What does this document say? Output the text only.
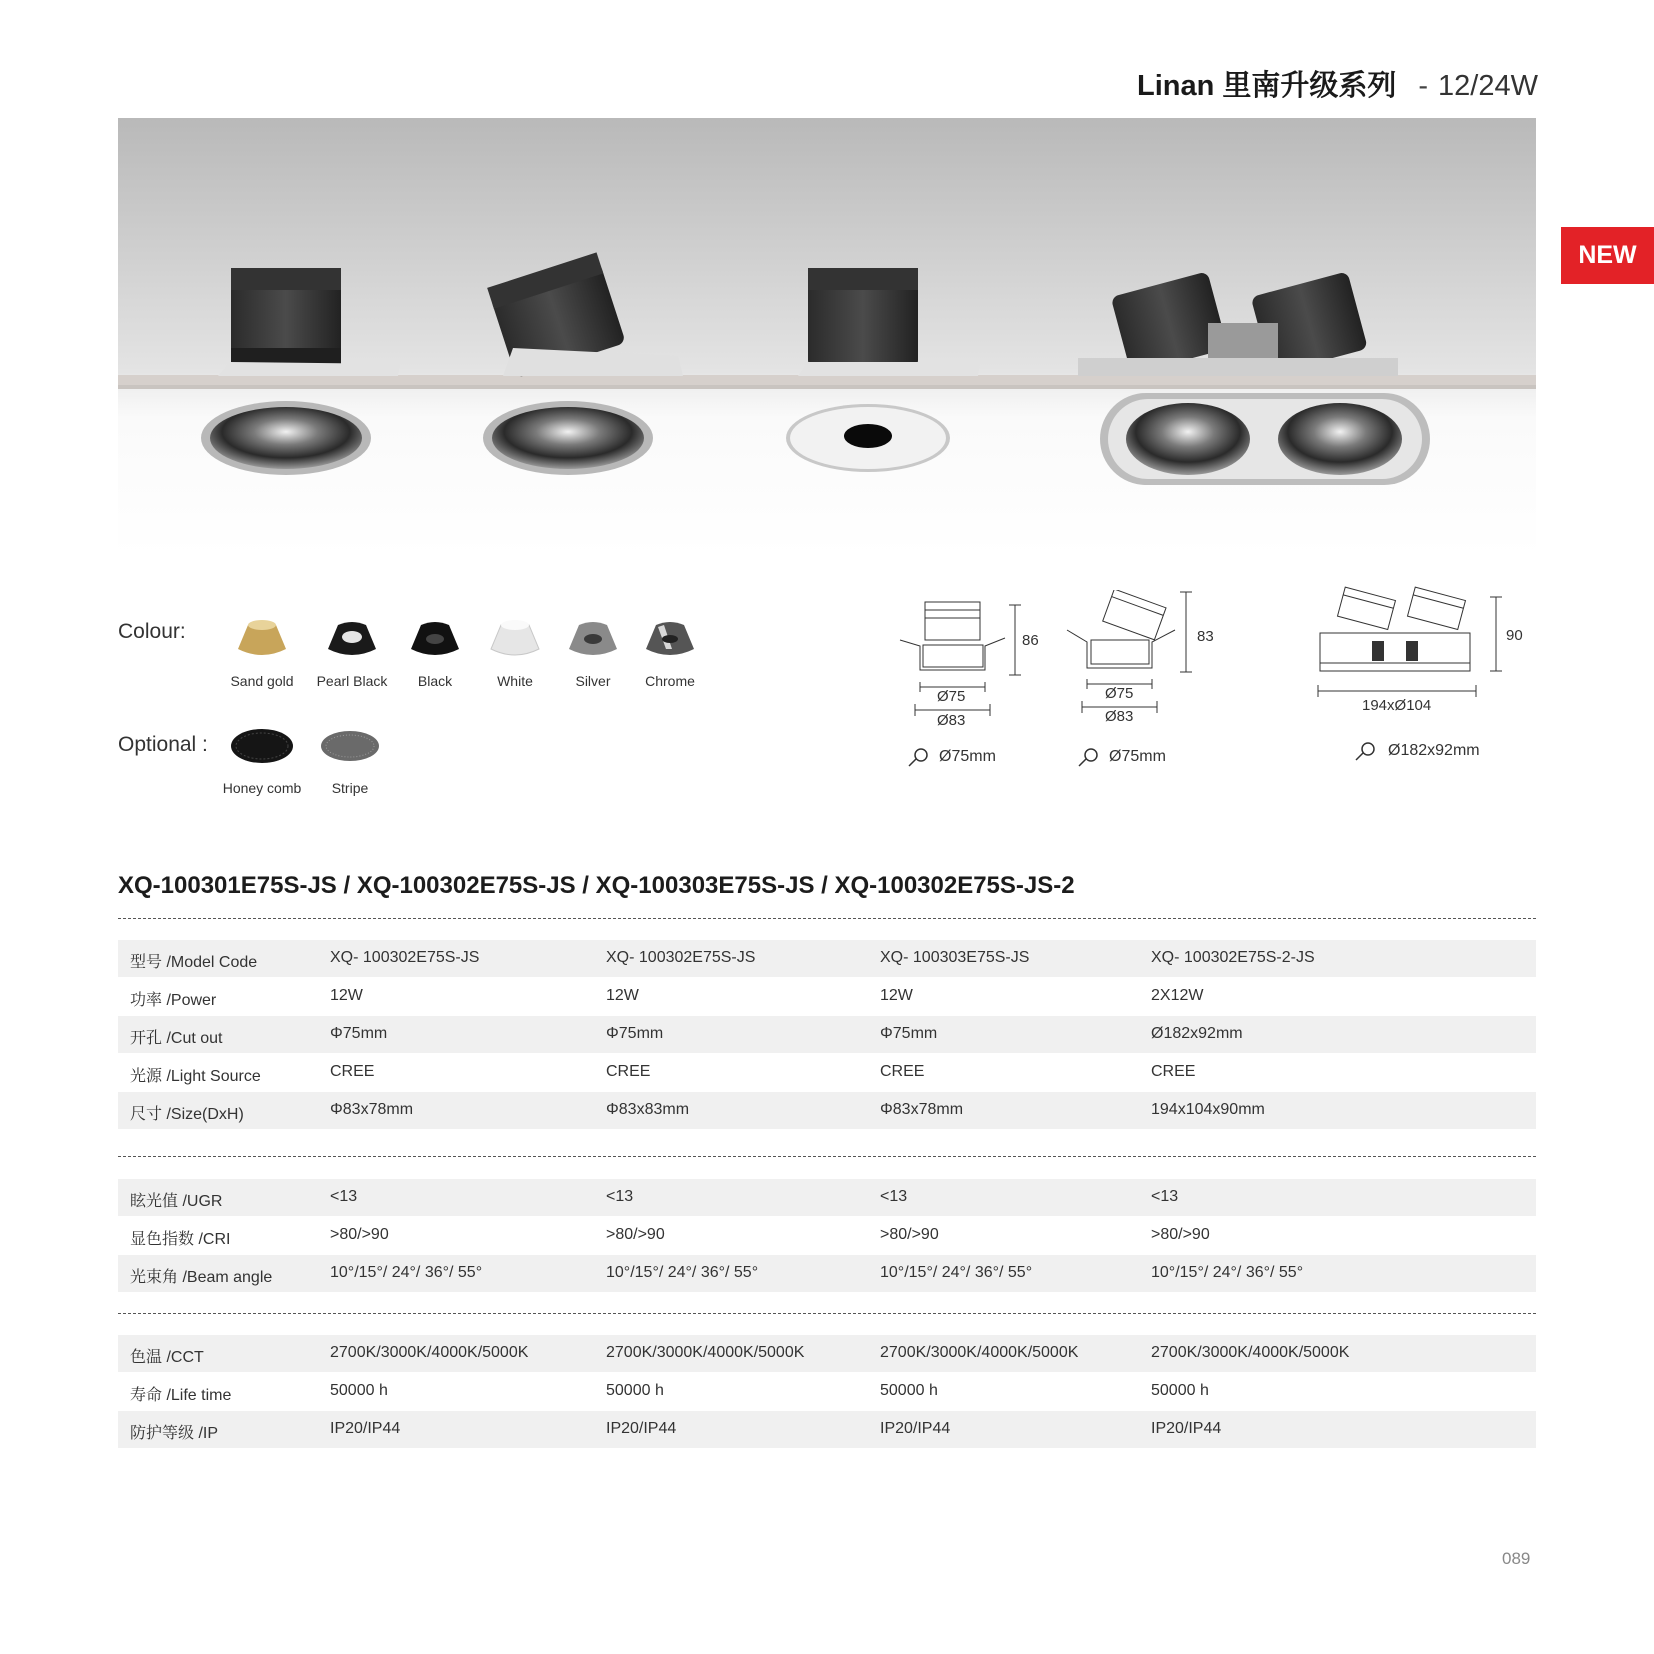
Linan 里南升级系列 - 12/24W
NEW
Colour:
Sand gold	Pearl Black	Black	White	Silver	Chrome
Optional :
Honey comb	Stripe
86
Ø75
Ø83
Ø75mm
83
Ø75
Ø83
Ø75mm
90
194xØ104
Ø182x92mm
XQ-100301E75S-JS / XQ-100302E75S-JS / XQ-100303E75S-JS / XQ-100302E75S-JS-2
型号 /Model Code	XQ- 100302E75S-JS	XQ- 100302E75S-JS	XQ- 100303E75S-JS	XQ- 100302E75S-2-JS
功率 /Power	12W	12W	12W	2X12W
开孔 /Cut out	Φ75mm	Φ75mm	Φ75mm	Ø182x92mm
光源 /Light Source	CREE	CREE	CREE	CREE
尺寸 /Size(DxH)	Φ83x78mm	Φ83x83mm	Φ83x78mm	194x104x90mm
眩光值 /UGR	<13	<13	<13	<13
显色指数 /CRI	>80/>90	>80/>90	>80/>90	>80/>90
光束角 /Beam angle	10°/15°/ 24°/ 36°/ 55°	10°/15°/ 24°/ 36°/ 55°	10°/15°/ 24°/ 36°/ 55°	10°/15°/ 24°/ 36°/ 55°
色温 /CCT	2700K/3000K/4000K/5000K	2700K/3000K/4000K/5000K	2700K/3000K/4000K/5000K	2700K/3000K/4000K/5000K
寿命 /Life time	50000 h	50000 h	50000 h	50000 h
防护等级 /IP	IP20/IP44	IP20/IP44	IP20/IP44	IP20/IP44
089
